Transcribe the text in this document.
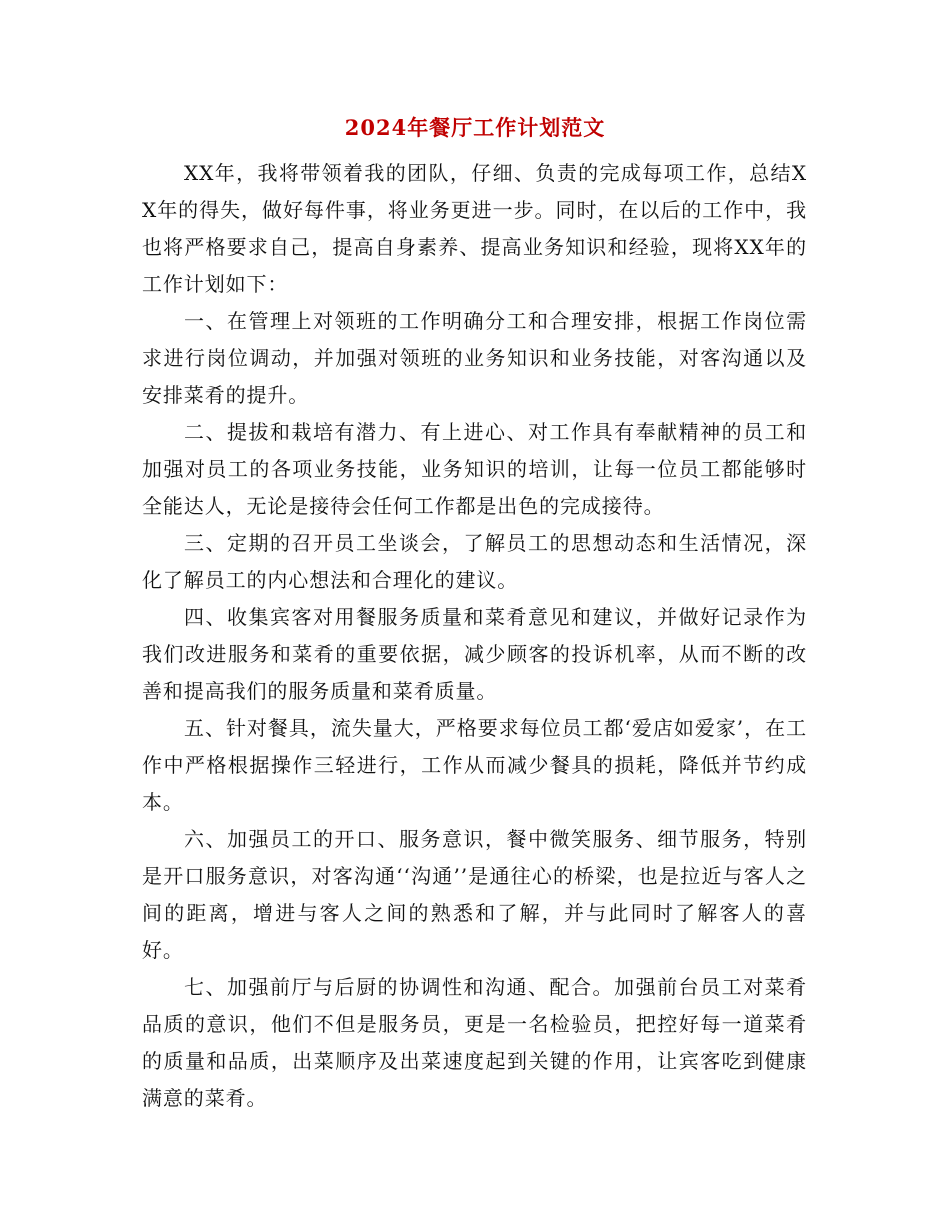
2024年餐厅工作计划范文

XX年，我将带领着我的团队，仔细、负责的完成每项工作，总结XX年的得失，做好每件事，将业务更进一步。同时，在以后的工作中，我也将严格要求自己，提高自身素养、提高业务知识和经验，现将XX年的工作计划如下：

一、在管理上对领班的工作明确分工和合理安排，根据工作岗位需求进行岗位调动，并加强对领班的业务知识和业务技能，对客沟通以及安排菜肴的提升。

二、提拔和栽培有潜力、有上进心、对工作具有奉献精神的员工和加强对员工的各项业务技能，业务知识的培训，让每一位员工都能够时全能达人，无论是接待会任何工作都是出色的完成接待。

三、定期的召开员工坐谈会，了解员工的思想动态和生活情况，深化了解员工的内心想法和合理化的建议。

四、收集宾客对用餐服务质量和菜肴意见和建议，并做好记录作为我们改进服务和菜肴的重要依据，减少顾客的投诉机率，从而不断的改善和提高我们的服务质量和菜肴质量。

五、针对餐具，流失量大，严格要求每位员工都‘爱店如爱家’，在工作中严格根据操作三轻进行，工作从而减少餐具的损耗，降低并节约成本。

六、加强员工的开口、服务意识，餐中微笑服务、细节服务，特别是开口服务意识，对客沟通‘‘沟通’’是通往心的桥梁，也是拉近与客人之间的距离，增进与客人之间的熟悉和了解，并与此同时了解客人的喜好。

七、加强前厅与后厨的协调性和沟通、配合。加强前台员工对菜肴品质的意识，他们不但是服务员，更是一名检验员，把控好每一道菜肴的质量和品质，出菜顺序及出菜速度起到关键的作用，让宾客吃到健康满意的菜肴。
